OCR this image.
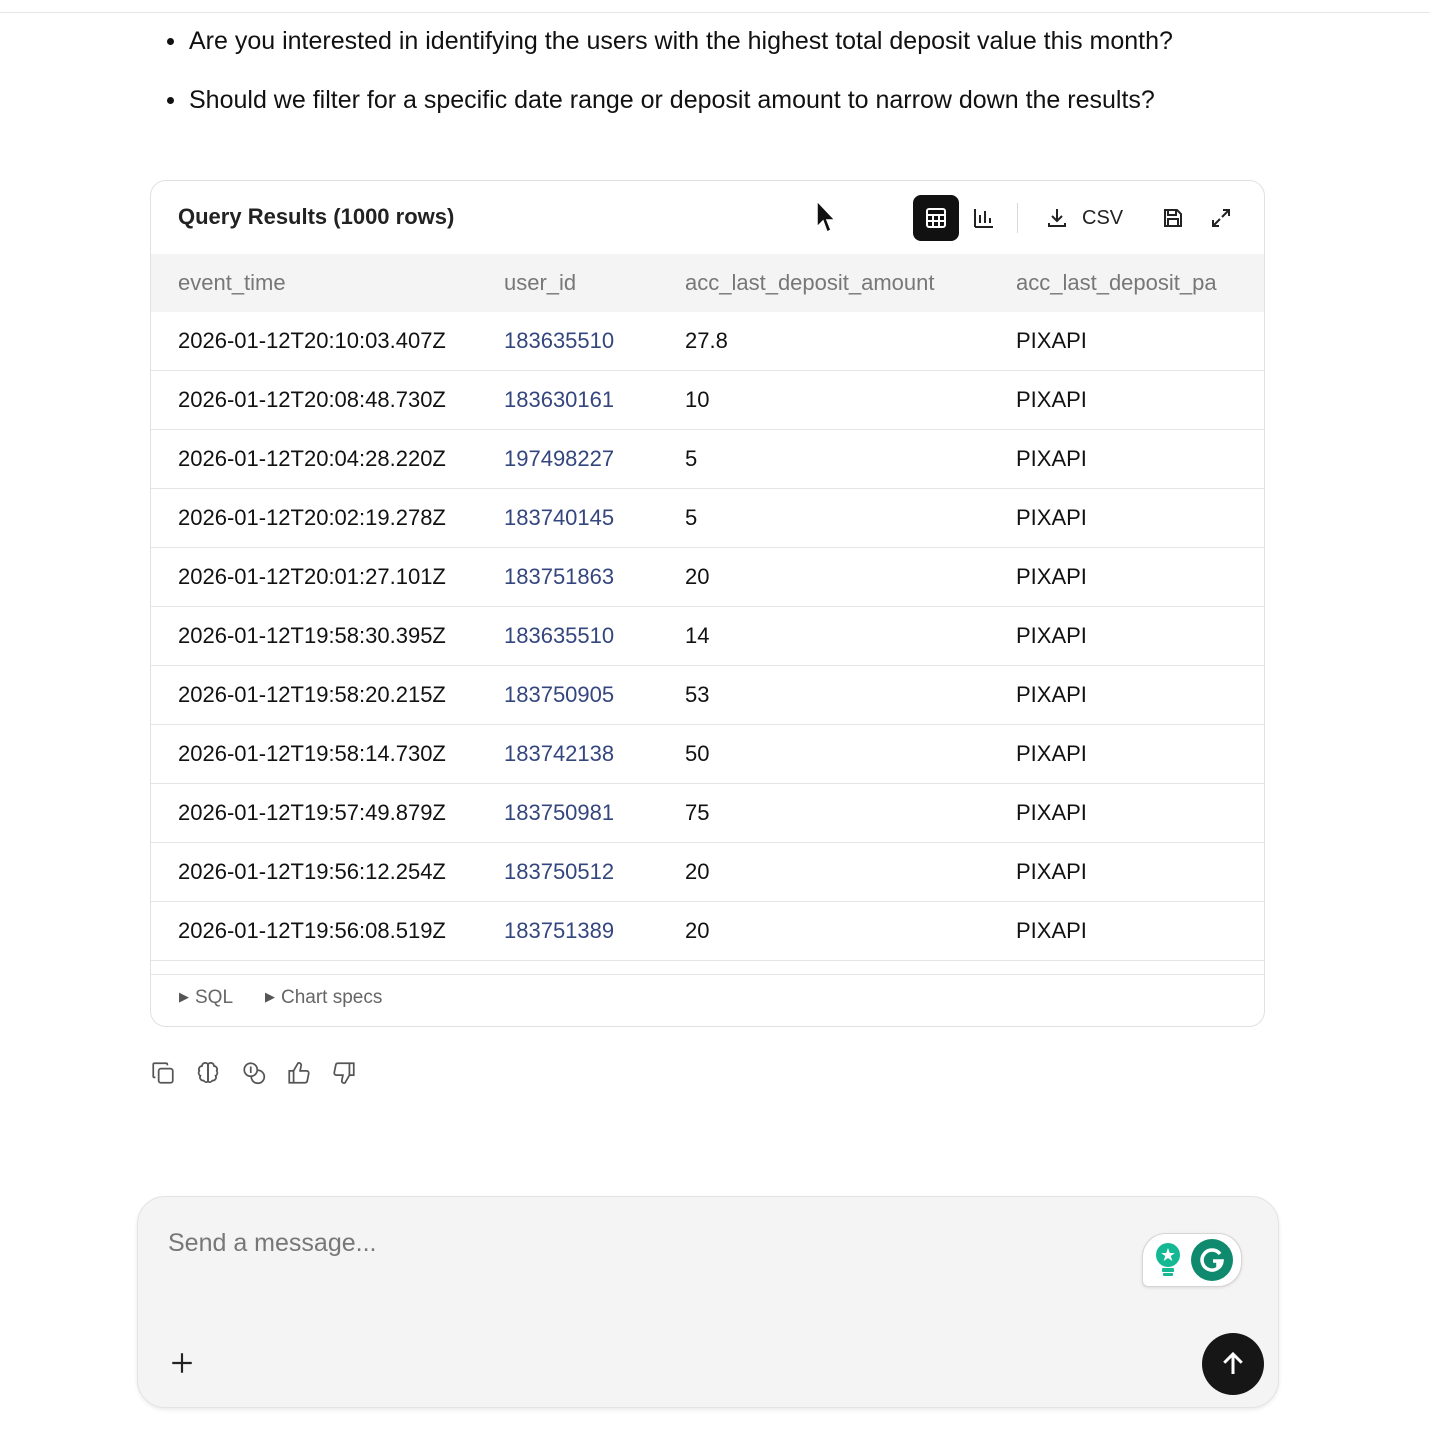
Are you interested in identifying the users with the highest total deposit value this month?
Should we filter for a specific date range or deposit amount to narrow down the results?
Query Results (1000 rows)	CSV
event_time	user_id	acc_last_deposit_amount	acc_last_deposit_pa
2026-01-12T20:10:03.407Z	183635510	27.8	PIXAPI
2026-01-12T20:08:48.730Z	183630161	10	PIXAPI
2026-01-12T20:04:28.220Z	197498227	5	PIXAPI
2026-01-12T20:02:19.278Z	183740145	5	PIXAPI
2026-01-12T20:01:27.101Z	183751863	20	PIXAPI
2026-01-12T19:58:30.395Z	183635510	14	PIXAPI
2026-01-12T19:58:20.215Z	183750905	53	PIXAPI
2026-01-12T19:58:14.730Z	183742138	50	PIXAPI
2026-01-12T19:57:49.879Z	183750981	75	PIXAPI
2026-01-12T19:56:12.254Z	183750512	20	PIXAPI
2026-01-12T19:56:08.519Z	183751389	20	PIXAPI

▶ SQL ▶ Chart specs
Send a message...
